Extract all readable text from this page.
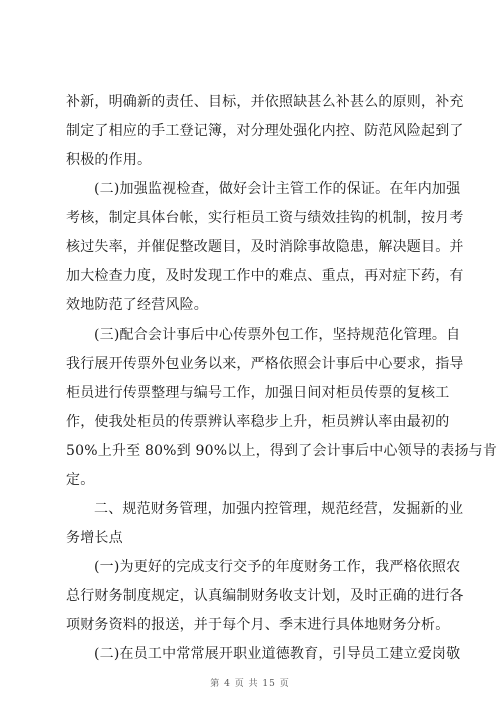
补新，明确新的责任、目标，并依照缺甚么补甚么的原则，补充
制定了相应的手工登记簿，对分理处强化内控、防范风险起到了
积极的作用。
(二)加强监视检查，做好会计主管工作的保证。在年内加强
考核，制定具体台帐，实行柜员工资与绩效挂钩的机制，按月考
核过失率，并催促整改题目，及时消除事故隐患，解决题目。并
加大检查力度，及时发现工作中的难点、重点，再对症下药，有
效地防范了经营风险。
(三)配合会计事后中心传票外包工作，坚持规范化管理。自
我行展开传票外包业务以来，严格依照会计事后中心要求，指导
柜员进行传票整理与编号工作，加强日间对柜员传票的复核工
作，使我处柜员的传票辨认率稳步上升，柜员辨认率由最初的
50%上升至 80%到 90%以上，得到了会计事后中心领导的表扬与肯
定。
二、规范财务管理，加强内控管理，规范经营，发掘新的业
务增长点
(一)为更好的完成支行交予的年度财务工作，我严格依照农
总行财务制度规定，认真编制财务收支计划，及时正确的进行各
项财务资料的报送，并于每个月、季末进行具体地财务分析。
(二)在员工中常常展开职业道德教育，引导员工建立爱岗敬
第 4 页 共 15 页
